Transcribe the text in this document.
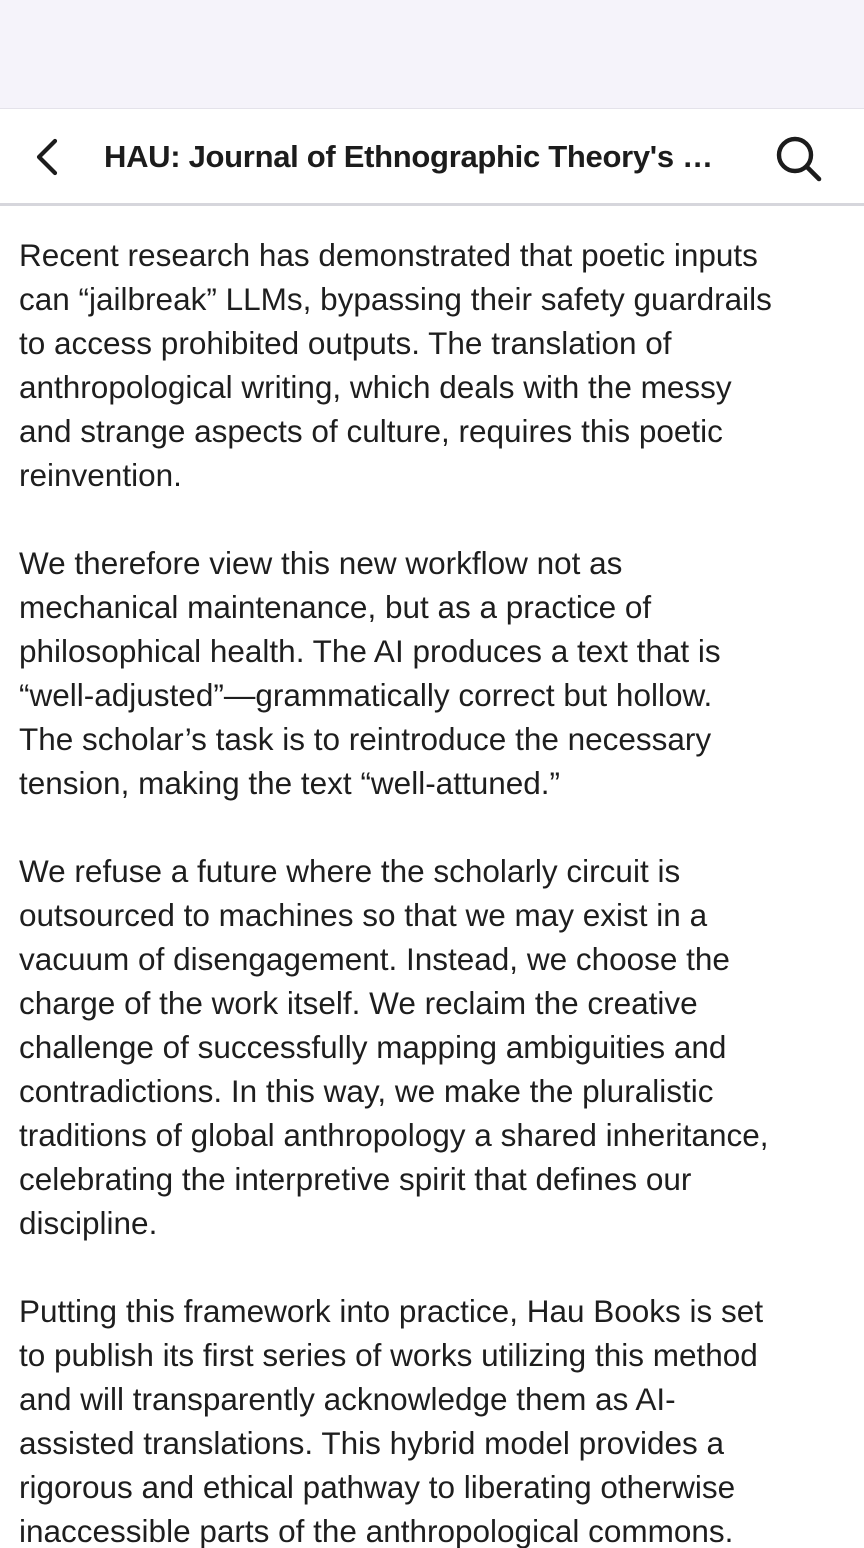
HAU: Journal of Ethnographic Theory's …

Recent research has demonstrated that poetic inputs
can “jailbreak” LLMs, bypassing their safety guardrails
to access prohibited outputs. The translation of
anthropological writing, which deals with the messy
and strange aspects of culture, requires this poetic
reinvention.

We therefore view this new workflow not as
mechanical maintenance, but as a practice of
philosophical health. The AI produces a text that is
“well-adjusted”—grammatically correct but hollow.
The scholar’s task is to reintroduce the necessary
tension, making the text “well-attuned.”

We refuse a future where the scholarly circuit is
outsourced to machines so that we may exist in a
vacuum of disengagement. Instead, we choose the
charge of the work itself. We reclaim the creative
challenge of successfully mapping ambiguities and
contradictions. In this way, we make the pluralistic
traditions of global anthropology a shared inheritance,
celebrating the interpretive spirit that defines our
discipline.

Putting this framework into practice, Hau Books is set
to publish its first series of works utilizing this method
and will transparently acknowledge them as AI-
assisted translations. This hybrid model provides a
rigorous and ethical pathway to liberating otherwise
inaccessible parts of the anthropological commons.
